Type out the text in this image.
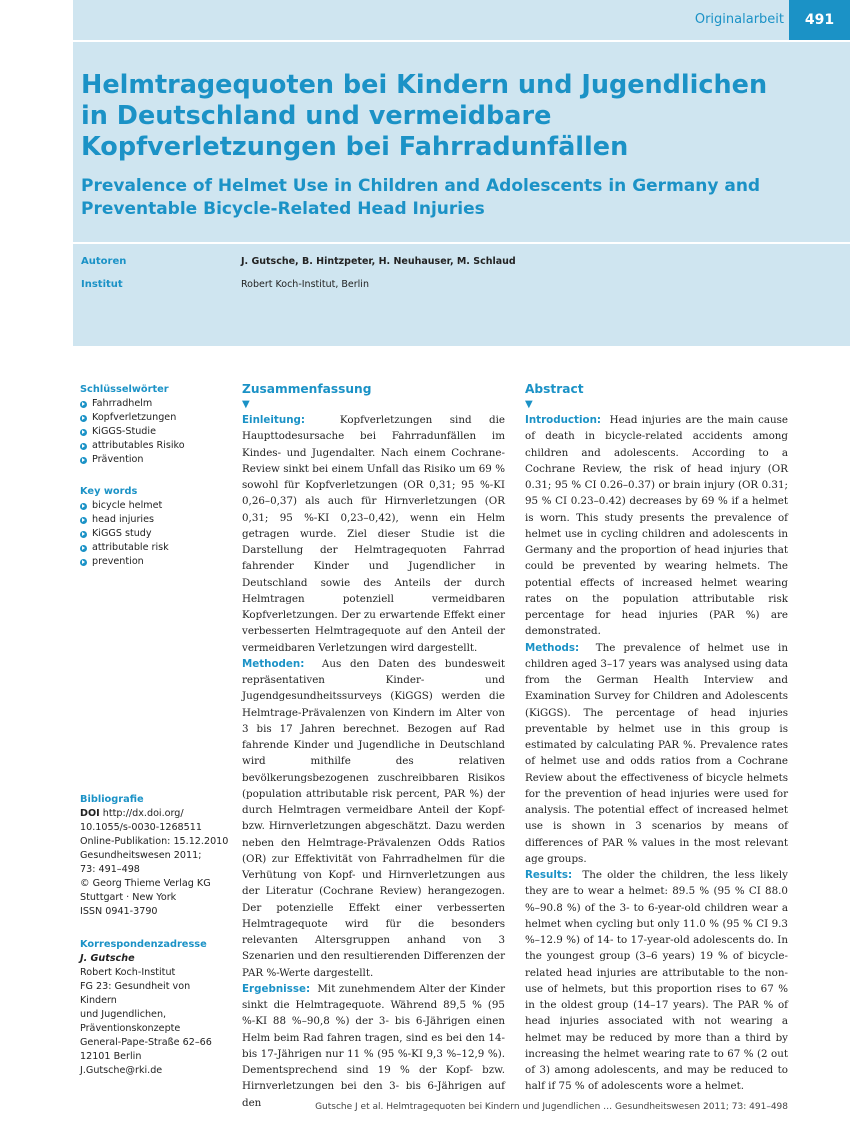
Originalarbeit	491
Helmtragequoten bei Kindern und Jugendlichen in Deutschland und vermeidbare Kopfverletzungen bei Fahrradunfällen
Prevalence of Helmet Use in Children and Adolescents in Germany and Preventable Bicycle-Related Head Injuries
Autoren	J. Gutsche, B. Hintzpeter, H. Neuhauser, M. Schlaud
Institut	Robert Koch-Institut, Berlin
Schlüsselwörter
Fahrradhelm
Kopfverletzungen
KiGGS-Studie
attributables Risiko
Prävention
Key words
bicycle helmet
head injuries
KiGGS study
attributable risk
prevention
Bibliografie
DOI http://dx.doi.org/
10.1055/s-0030-1268511
Online-Publikation: 15.12.2010
Gesundheitswesen 2011;
73: 491–498
© Georg Thieme Verlag KG
Stuttgart · New York
ISSN 0941-3790
Korrespondenzadresse
J. Gutsche
Robert Koch-Institut
FG 23: Gesundheit von Kindern
und Jugendlichen,
Präventionskonzepte
General-Pape-Straße 62–66
12101 Berlin
J.Gutsche@rki.de
Zusammenfassung
▼

Einleitung:	Kopfverletzungen sind die Haupttodesursache bei Fahrradunfällen im Kindes- und Jugendalter. Nach einem Cochrane-Review sinkt bei einem Unfall das Risiko um 69 % sowohl für Kopfverletzungen (OR 0,31; 95 %-KI 0,26–0,37) als auch für Hirnverletzungen (OR 0,31; 95 %-KI 0,23–0,42), wenn ein Helm getragen wurde. Ziel dieser Studie ist die Darstellung der Helmtragequoten Fahrrad fahrender Kinder und Jugendlicher in Deutschland sowie des Anteils der durch Helmtragen potenziell vermeidbaren Kopfverletzungen. Der zu erwartende Effekt einer verbesserten Helmtragequote auf den Anteil der vermeidbaren Verletzungen wird dargestellt.

Methoden: Aus den Daten des bundesweit repräsentativen Kinder- und Jugendgesundheitssurveys (KiGGS) werden die Helmtrage-Prävalenzen von Kindern im Alter von 3 bis 17 Jahren berechnet. Bezogen auf Rad fahrende Kinder und Jugendliche in Deutschland wird mithilfe des relativen bevölkerungsbezogenen zuschreibbaren Risikos (population attributable risk percent, PAR %) der durch Helmtragen vermeidbare Anteil der Kopf- bzw. Hirnverletzungen abgeschätzt. Dazu werden neben den Helmtrage-Prävalenzen Odds Ratios (OR) zur Effektivität von Fahrradhelmen für die Verhütung von Kopf- und Hirnverletzungen aus der Literatur (Cochrane Review) herangezogen. Der potenzielle Effekt einer verbesserten Helmtragequote wird für die besonders relevanten Altersgruppen anhand von 3 Szenarien und den resultierenden Differenzen der PAR %-Werte dargestellt.

Ergebnisse: Mit zunehmendem Alter der Kinder sinkt die Helmtragequote. Während 89,5 % (95 %-KI 88 %–90,8 %) der 3- bis 6-Jährigen einen Helm beim Rad fahren tragen, sind es bei den 14- bis 17-Jährigen nur 11 % (95 %-KI 9,3 %–12,9 %). Dementsprechend sind 19 % der Kopf- bzw. Hirnverletzungen bei den 3- bis 6-Jährigen auf den

Abstract
▼

Introduction: Head injuries are the main cause of death in bicycle-related accidents among children and adolescents. According to a Cochrane Review, the risk of head injury (OR 0.31; 95 % CI 0.26–0.37) or brain injury (OR 0.31; 95 % CI 0.23–0.42) decreases by 69 % if a helmet is worn. This study presents the prevalence of helmet use in cycling children and adolescents in Germany and the proportion of head injuries that could be prevented by wearing helmets. The potential effects of increased helmet wearing rates on the population attributable risk percentage for head injuries (PAR %) are demonstrated.

Methods: The prevalence of helmet use in children aged 3–17 years was analysed using data from the German Health Interview and Examination Survey for Children and Adolescents (KiGGS). The percentage of head injuries preventable by helmet use in this group is estimated by calculating PAR %. Prevalence rates of helmet use and odds ratios from a Cochrane Review about the effectiveness of bicycle helmets for the prevention of head injuries were used for analysis. The potential effect of increased helmet use is shown in 3 scenarios by means of differences of PAR % values in the most relevant age groups.

Results: The older the children, the less likely they are to wear a helmet: 89.5 % (95 % CI 88.0 %–90.8 %) of the 3- to 6-year-old children wear a helmet when cycling but only 11.0 % (95 % CI 9.3 %–12.9 %) of 14- to 17-year-old adolescents do. In the youngest group (3–6 years) 19 % of bicycle-related head injuries are attributable to the non-use of helmets, but this proportion rises to 67 % in the oldest group (14–17 years). The PAR % of head injuries associated with not wearing a helmet may be reduced by more than a third by increasing the helmet wearing rate to 67 % (2 out of 3) among adolescents, and may be reduced to half if 75 % of adolescents wore a helmet.

Gutsche J et al. Helmtragequoten bei Kindern und Jugendlichen … Gesundheitswesen 2011; 73: 491–498
